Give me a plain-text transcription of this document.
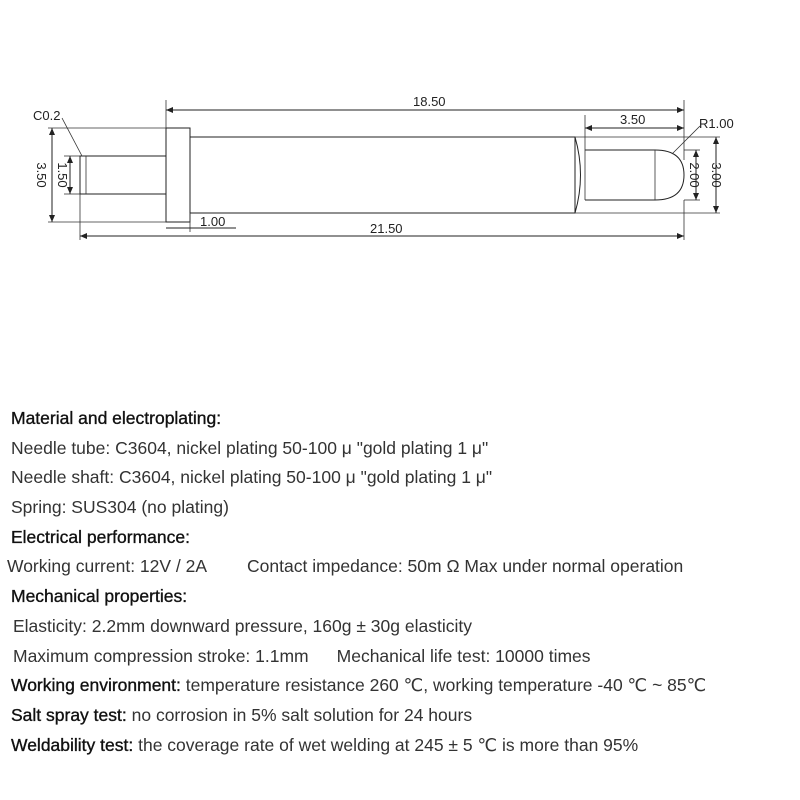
18.50
3.50	R1.00
C0.2
21.50
1.00
3.50 1.50	2.00 3.00
Material and electroplating:
Needle tube: C3604, nickel plating 50-100 μ "gold plating 1 μ"
Needle shaft: C3604, nickel plating 50-100 μ "gold plating 1 μ"
Spring: SUS304 (no plating)
Electrical performance:
Working current: 12V / 2A Contact impedance: 50m Ω Max under normal operation
Mechanical properties:
Elasticity: 2.2mm downward pressure, 160g ± 30g elasticity
Maximum compression stroke: 1.1mm Mechanical life test: 10000 times
Working environment: temperature resistance 260 ℃, working temperature -40 ℃ ~ 85℃
Salt spray test: no corrosion in 5% salt solution for 24 hours
Weldability test: the coverage rate of wet welding at 245 ± 5 ℃ is more than 95%
